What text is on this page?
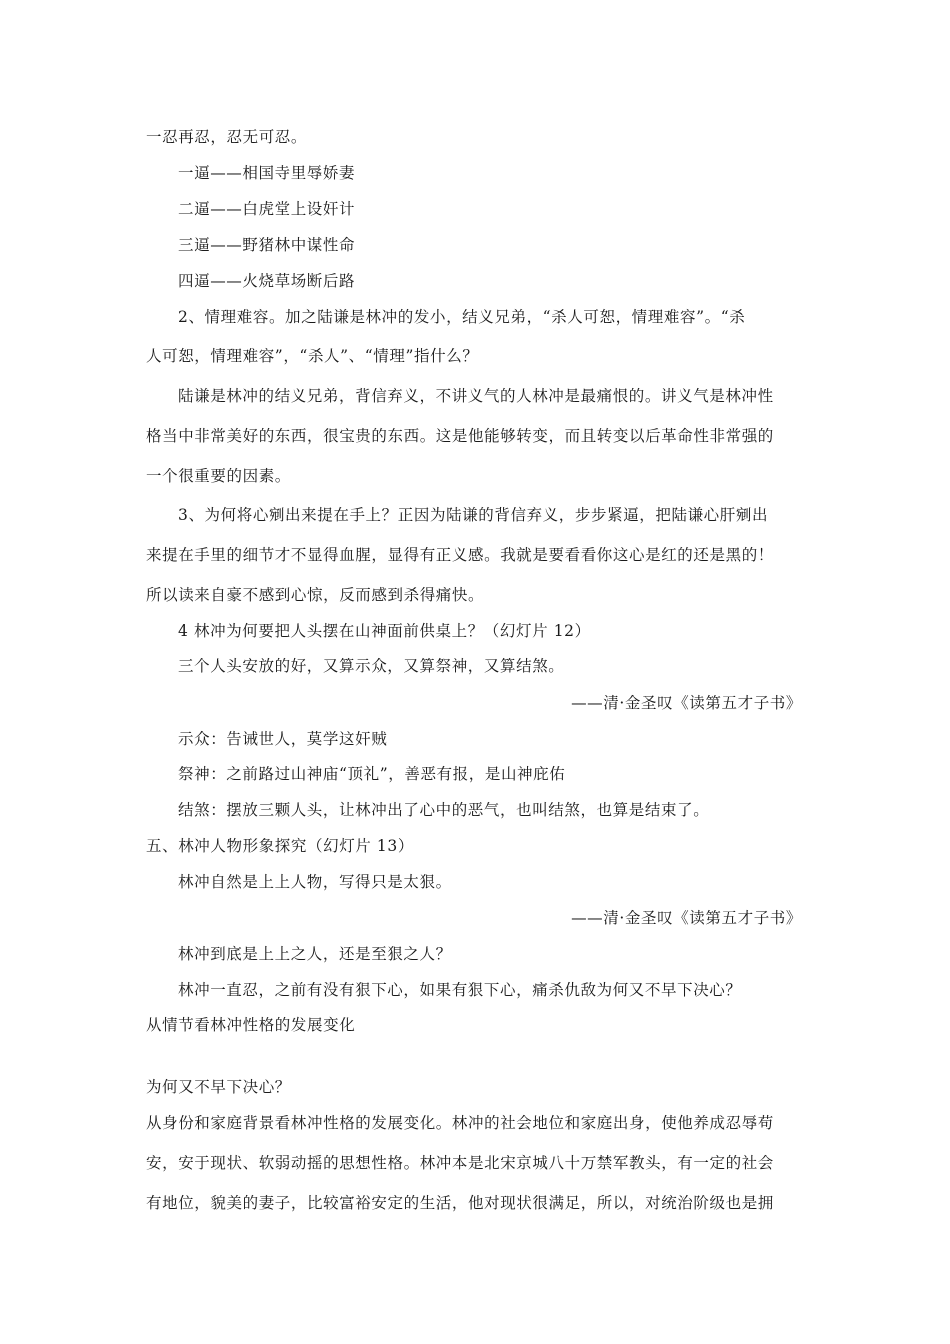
一忍再忍，忍无可忍。
一逼——相国寺里辱娇妻
二逼——白虎堂上设奸计
三逼——野猪林中谋性命
四逼——火烧草场断后路
2、情理难容。加之陆谦是林冲的发小，结义兄弟，“杀人可恕，情理难容”。“杀
人可恕，情理难容”，“杀人”、“情理”指什么？
陆谦是林冲的结义兄弟，背信弃义，不讲义气的人林冲是最痛恨的。讲义气是林冲性
格当中非常美好的东西，很宝贵的东西。这是他能够转变，而且转变以后革命性非常强的
一个很重要的因素。
3、为何将心剜出来提在手上？正因为陆谦的背信弃义，步步紧逼，把陆谦心肝剜出
来提在手里的细节才不显得血腥，显得有正义感。我就是要看看你这心是红的还是黑的！
所以读来自豪不感到心惊，反而感到杀得痛快。
4 林冲为何要把人头摆在山神面前供桌上？（幻灯片 12）
三个人头安放的好，又算示众，又算祭神，又算结煞。
——清·金圣叹《读第五才子书》
示众：告诫世人，莫学这奸贼
祭神：之前路过山神庙“顶礼”，善恶有报，是山神庇佑
结煞：摆放三颗人头，让林冲出了心中的恶气，也叫结煞，也算是结束了。
五、林冲人物形象探究（幻灯片 13）
林冲自然是上上人物，写得只是太狠。
——清·金圣叹《读第五才子书》
林冲到底是上上之人，还是至狠之人？
林冲一直忍，之前有没有狠下心，如果有狠下心，痛杀仇敌为何又不早下决心？
从情节看林冲性格的发展变化
为何又不早下决心？
从身份和家庭背景看林冲性格的发展变化。林冲的社会地位和家庭出身，使他养成忍辱苟
安，安于现状、软弱动摇的思想性格。林冲本是北宋京城八十万禁军教头，有一定的社会
有地位，貌美的妻子，比较富裕安定的生活，他对现状很满足，所以，对统治阶级也是拥
